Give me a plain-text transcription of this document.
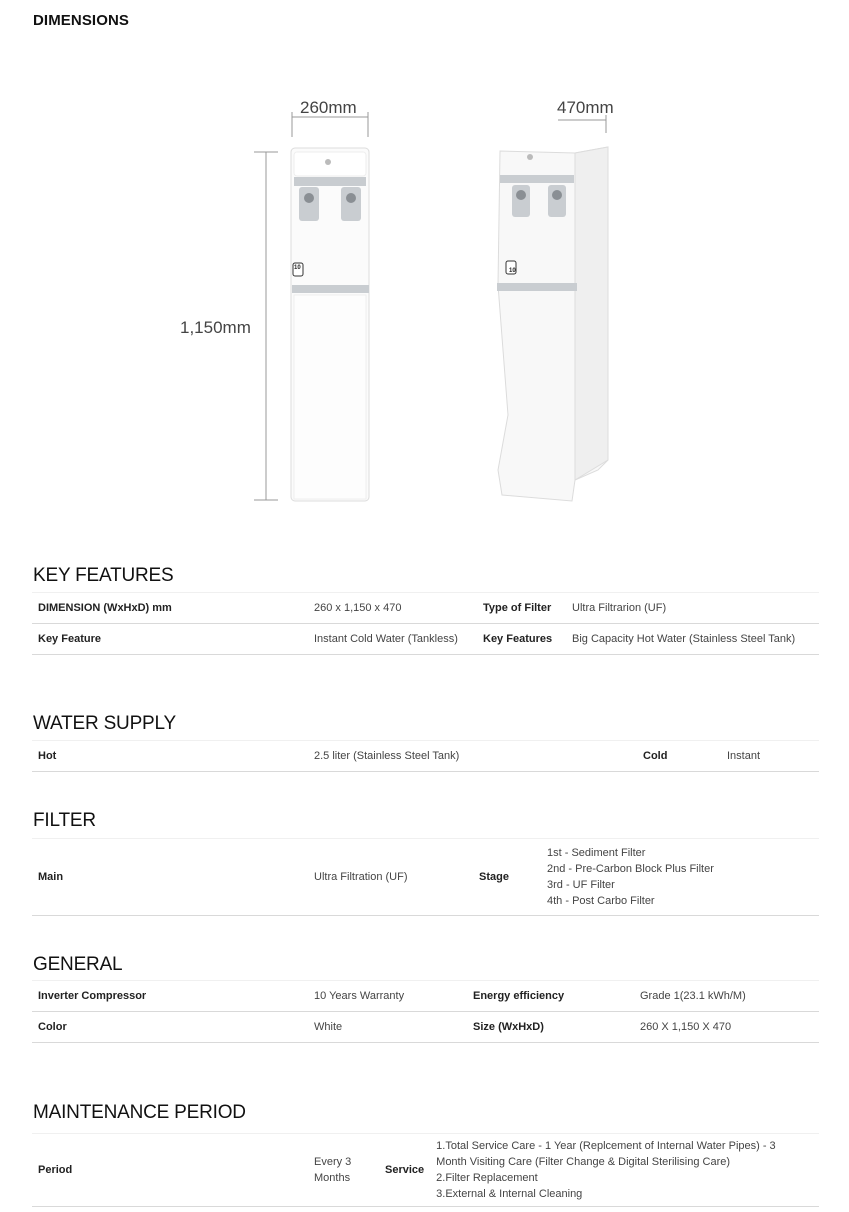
DIMENSIONS
10	10
260mm	470mm
1,150mm
KEY FEATURES
DIMENSION (WxHxD) mm	260 x 1,150 x 470	Type of Filter	Ultra Filtrarion (UF)
Key Feature	Instant Cold Water (Tankless)	Key Features	Big Capacity Hot Water (Stainless Steel Tank)
WATER SUPPLY
Hot	2.5 liter (Stainless Steel Tank)	Cold	Instant
FILTER
Main	Ultra Filtration (UF)	Stage	
1st - Sediment Filter
2nd - Pre-Carbon Block Plus Filter
3rd - UF Filter
4th - Post Carbo Filter
GENERAL
Inverter Compressor	10 Years Warranty	Energy efficiency	Grade 1(23.1 kWh/M)
Color	White	Size (WxHxD)	260 X 1,150 X 470
MAINTENANCE PERIOD
Period	Every 3 Months	Service	
1.Total Service Care - 1 Year (Replcement of Internal Water Pipes) - 3 Month Visiting Care (Filter Change & Digital Sterilising Care)
2.Filter Replacement
3.External & Internal Cleaning
